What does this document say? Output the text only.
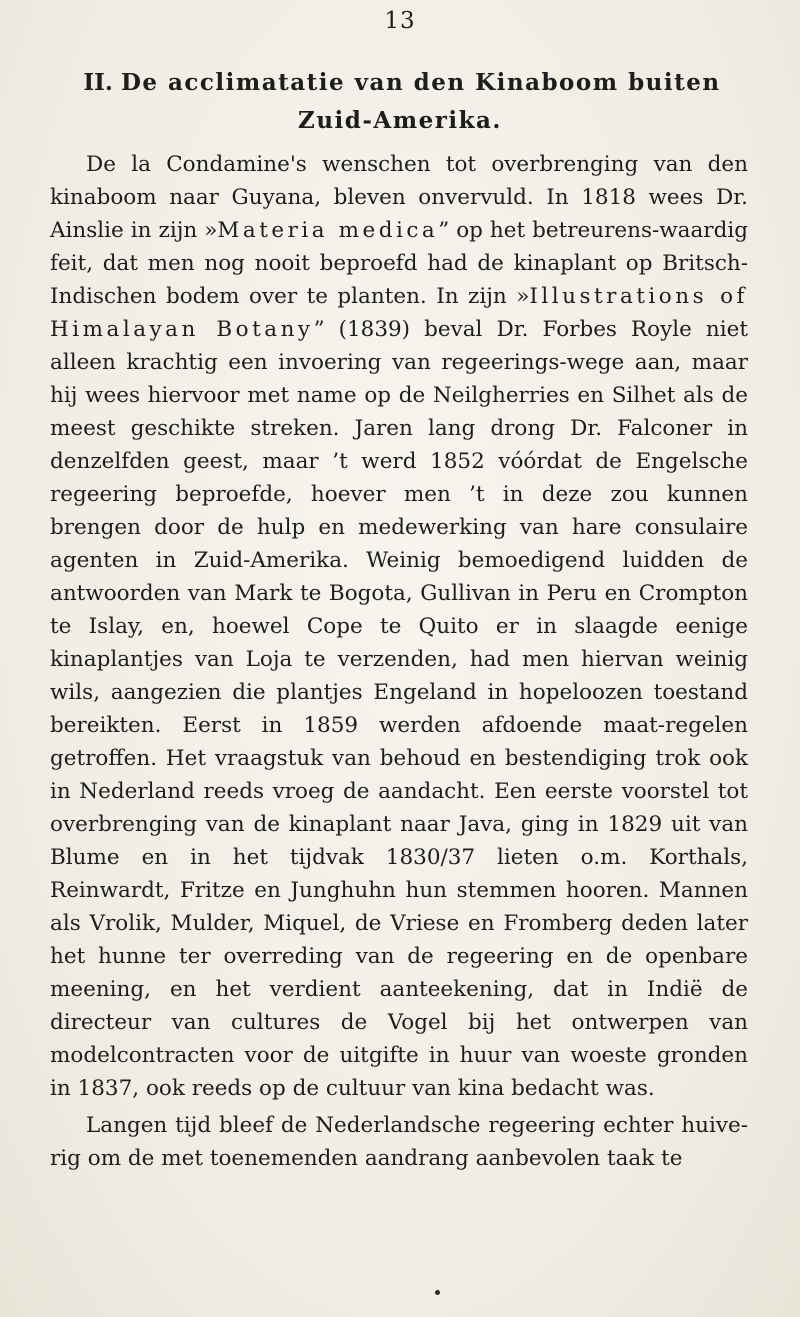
13
II. De acclimatatie van den Kinaboom buiten
Zuid-Amerika.

De la Condamine's wenschen tot overbrenging van den kinaboom naar Guyana, bleven onvervuld. In 1818 wees Dr. Ainslie in zijn »Materia medica” op het betreurens-waardig feit, dat men nog nooit beproefd had de kinaplant op Britsch-Indischen bodem over te planten. In zijn »Illustrations of Himalayan Botany” (1839) beval Dr. Forbes Royle niet alleen krachtig een invoering van regeerings-wege aan, maar hij wees hiervoor met name op de Neilgherries en Silhet als de meest geschikte streken. Jaren lang drong Dr. Falconer in denzelfden geest, maar ’t werd 1852 vóórdat de Engelsche regeering beproefde, hoever men ’t in deze zou kunnen brengen door de hulp en medewerking van hare consulaire agenten in Zuid-Amerika. Weinig bemoedigend luidden de antwoorden van Mark te Bogota, Gullivan in Peru en Crompton te Islay, en, hoewel Cope te Quito er in slaagde eenige kinaplantjes van Loja te verzenden, had men hiervan weinig wils, aangezien die plantjes Engeland in hopeloozen toestand bereikten. Eerst in 1859 werden afdoende maat-regelen getroffen. Het vraagstuk van behoud en bestendiging trok ook in Nederland reeds vroeg de aandacht. Een eerste voorstel tot overbrenging van de kinaplant naar Java, ging in 1829 uit van Blume en in het tijdvak 1830/37 lieten o.m. Korthals, Reinwardt, Fritze en Junghuhn hun stemmen hooren. Mannen als Vrolik, Mulder, Miquel, de Vriese en Fromberg deden later het hunne ter overreding van de regeering en de openbare meening, en het verdient aanteekening, dat in Indië de directeur van cultures de Vogel bij het ontwerpen van modelcontracten voor de uitgifte in huur van woeste gronden in 1837, ook reeds op de cultuur van kina bedacht was.

Langen tijd bleef de Nederlandsche regeering echter huive-rig om de met toenemenden aandrang aanbevolen taak te
